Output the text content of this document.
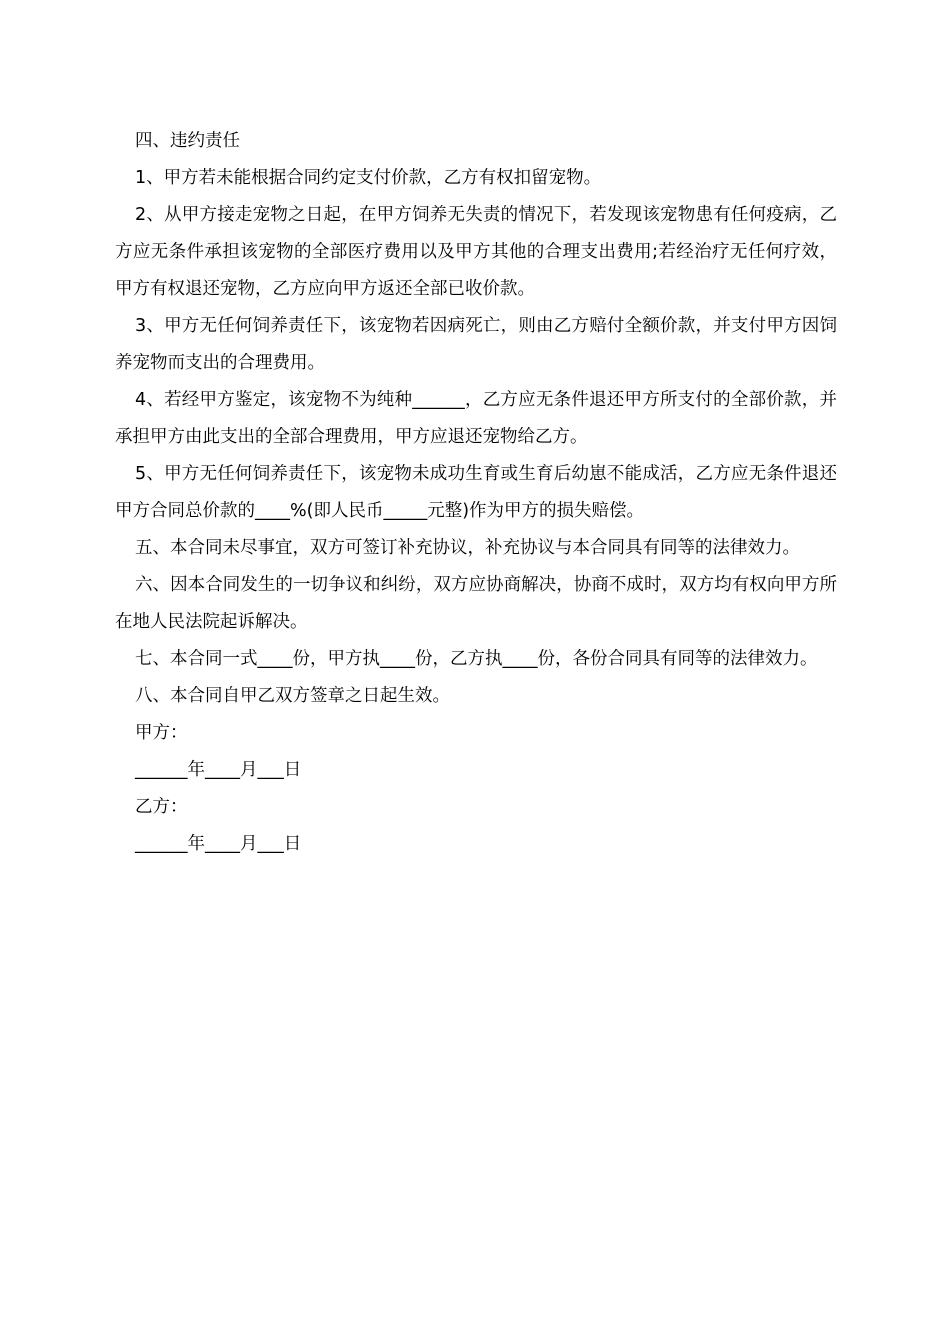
四、违约责任

1、甲方若未能根据合同约定支付价款，乙方有权扣留宠物。

2、从甲方接走宠物之日起，在甲方饲养无失责的情况下，若发现该宠物患有任何疫病，乙方应无条件承担该宠物的全部医疗费用以及甲方其他的合理支出费用;若经治疗无任何疗效，甲方有权退还宠物，乙方应向甲方返还全部已收价款。

3、甲方无任何饲养责任下，该宠物若因病死亡，则由乙方赔付全额价款，并支付甲方因饲养宠物而支出的合理费用。

4、若经甲方鉴定，该宠物不为纯种______，乙方应无条件退还甲方所支付的全部价款，并承担甲方由此支出的全部合理费用，甲方应退还宠物给乙方。

5、甲方无任何饲养责任下，该宠物未成功生育或生育后幼崽不能成活，乙方应无条件退还甲方合同总价款的____%(即人民币_____元整)作为甲方的损失赔偿。

五、本合同未尽事宜，双方可签订补充协议，补充协议与本合同具有同等的法律效力。

六、因本合同发生的一切争议和纠纷，双方应协商解决，协商不成时，双方均有权向甲方所在地人民法院起诉解决。

七、本合同一式____份，甲方执____份，乙方执____份，各份合同具有同等的法律效力。

八、本合同自甲乙双方签章之日起生效。

甲方：

______年____月___日

乙方：

______年____月___日
